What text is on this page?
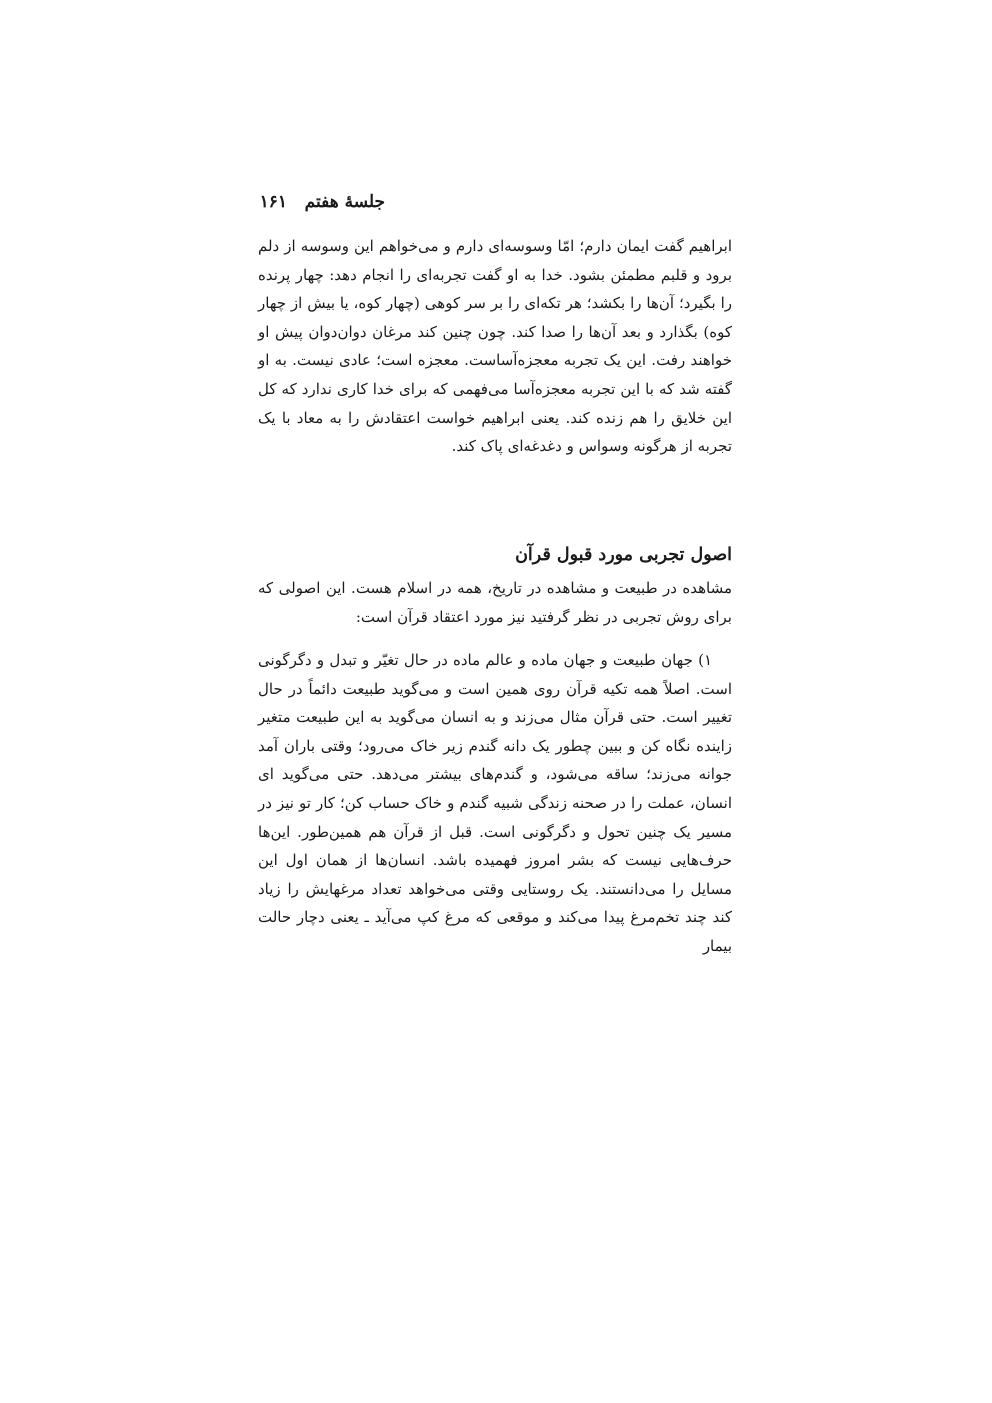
جلسهٔ هفتم
۱۶۱

ابراهیم گفت ایمان دارم؛ امّا وسوسه‌ای دارم و می‌خواهم این وسوسه از دلم برود و قلبم مطمئن بشود. خدا به او گفت تجربه‌ای را انجام دهد: چهار پرنده را بگیرد؛ آن‌ها را بکشد؛ هر تکه‌ای را بر سر کوهی (چهار کوه، یا بیش از چهار کوه) بگذارد و بعد آن‌ها را صدا کند. چون چنین کند مرغان دوان‌دوان پیش او خواهند رفت. این یک تجربه معجزه‌آساست. معجزه است؛ عادی نیست. به او گفته شد که با این تجربه معجزه‌آسا می‌فهمی که برای خدا کاری ندارد که کل این خلایق را هم زنده کند. یعنی ابراهیم خواست اعتقادش را به معاد با یک تجربه از هرگونه وسواس و دغدغه‌ای پاک کند.

اصول تجربی مورد قبول قرآن

مشاهده در طبیعت و مشاهده در تاریخ، همه در اسلام هست. این اصولی که برای روش تجربی در نظر گرفتید نیز مورد اعتقاد قرآن است:

۱) جهان طبیعت و جهان ماده و عالم ماده در حال تغیّر و تبدل و دگرگونی است. اصلاً همه تکیه قرآن روی همین است و می‌گوید طبیعت دائماً در حال تغییر است. حتی قرآن مثال می‌زند و به انسان می‌گوید به این طبیعت متغیر زاینده نگاه کن و ببین چطور یک دانه گندم زیر خاک می‌رود؛ وقتی باران آمد جوانه می‌زند؛ ساقه می‌شود، و گندم‌های بیشتر می‌دهد. حتی می‌گوید ای انسان، عملت را در صحنه زندگی شبیه گندم و خاک حساب کن؛ کار تو نیز در مسیر یک چنین تحول و دگرگونی است. قبل از قرآن هم همین‌طور. این‌ها حرف‌هایی نیست که بشر امروز فهمیده باشد. انسان‌ها از همان اول این مسایل را می‌دانستند. یک روستایی وقتی می‌خواهد تعداد مرغهایش را زیاد کند چند تخم‌مرغ پیدا می‌کند و موقعی که مرغ کپ می‌آید ـ یعنی دچار حالت بیمار
